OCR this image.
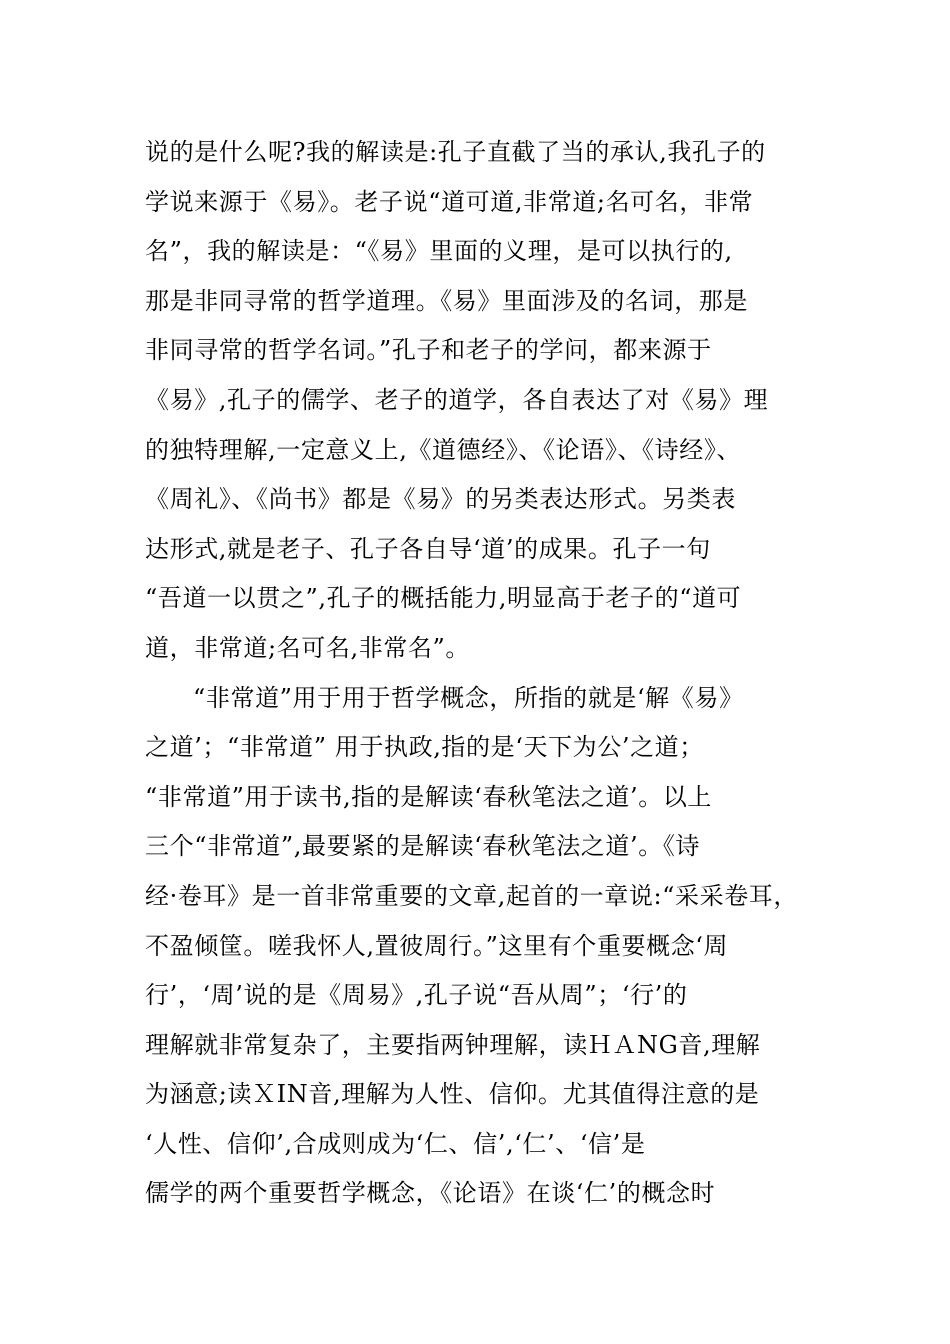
说的是什么呢?我的解读是:孔子直截了当的承认,我孔子的
学说来源于《易》。老子说“道可道,非常道;名可名，非常
名”，我的解读是：“《易》里面的义理，是可以执行的,
那是非同寻常的哲学道理。《易》里面涉及的名词，那是
非同寻常的哲学名词。”孔子和老子的学问，都来源于
《易》,孔子的儒学、老子的道学，各自表达了对《易》理
的独特理解,一定意义上,《道德经》、《论语》、《诗经》、
《周礼》、《尚书》都是《易》的另类表达形式。另类表
达形式,就是老子、孔子各自导‘道’的成果。孔子一句
“吾道一以贯之”,孔子的概括能力,明显高于老子的“道可
道，非常道;名可名,非常名”。
“非常道”用于用于哲学概念，所指的就是‘解《易》
之道’；“非常道” 用于执政,指的是‘天下为公’之道；
“非常道”用于读书,指的是解读‘春秋笔法之道’。以上
三个“非常道”,最要紧的是解读‘春秋笔法之道’。《诗
经·卷耳》是一首非常重要的文章,起首的一章说:“采采卷耳，
不盈倾筐。嗟我怀人,置彼周行。”这里有个重要概念‘周
行’，‘周’说的是《周易》,孔子说“吾从周”；‘行’的
理解就非常复杂了，主要指两钟理解，读ＨＡNG音,理解
为涵意;读ＸIN音,理解为人性、信仰。尤其值得注意的是
‘人性、信仰’,合成则成为‘仁、信’,‘仁’、‘信’是
儒学的两个重要哲学概念，《论语》在谈‘仁’的概念时
